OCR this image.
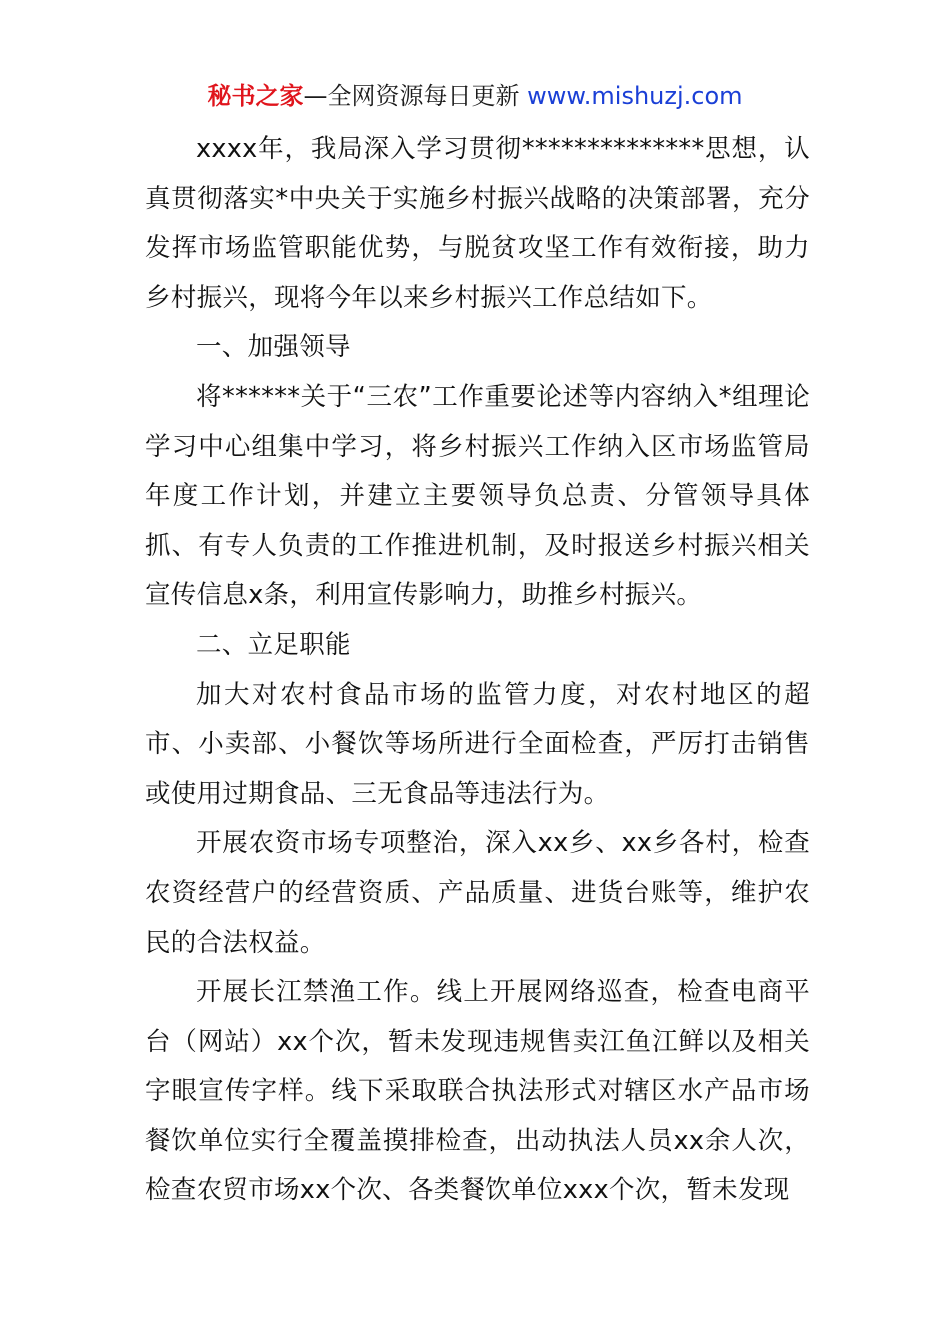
秘书之家—全网资源每日更新 www.mishuzj.com

xxxx年，我局深入学习贯彻**************思想，认真贯彻落实*中央关于实施乡村振兴战略的决策部署，充分发挥市场监管职能优势，与脱贫攻坚工作有效衔接，助力乡村振兴，现将今年以来乡村振兴工作总结如下。

一、加强领导

将******关于“三农”工作重要论述等内容纳入*组理论学习中心组集中学习，将乡村振兴工作纳入区市场监管局年度工作计划，并建立主要领导负总责、分管领导具体抓、有专人负责的工作推进机制，及时报送乡村振兴相关宣传信息x条，利用宣传影响力，助推乡村振兴。

二、立足职能

加大对农村食品市场的监管力度，对农村地区的超市、小卖部、小餐饮等场所进行全面检查，严厉打击销售或使用过期食品、三无食品等违法行为。

开展农资市场专项整治，深入xx乡、xx乡各村，检查农资经营户的经营资质、产品质量、进货台账等，维护农民的合法权益。

开展长江禁渔工作。线上开展网络巡查，检查电商平台（网站）xx个次，暂未发现违规售卖江鱼江鲜以及相关字眼宣传字样。线下采取联合执法形式对辖区水产品市场餐饮单位实行全覆盖摸排检查，出动执法人员xx余人次，检查农贸市场xx个次、各类餐饮单位xxx个次，暂未发现
